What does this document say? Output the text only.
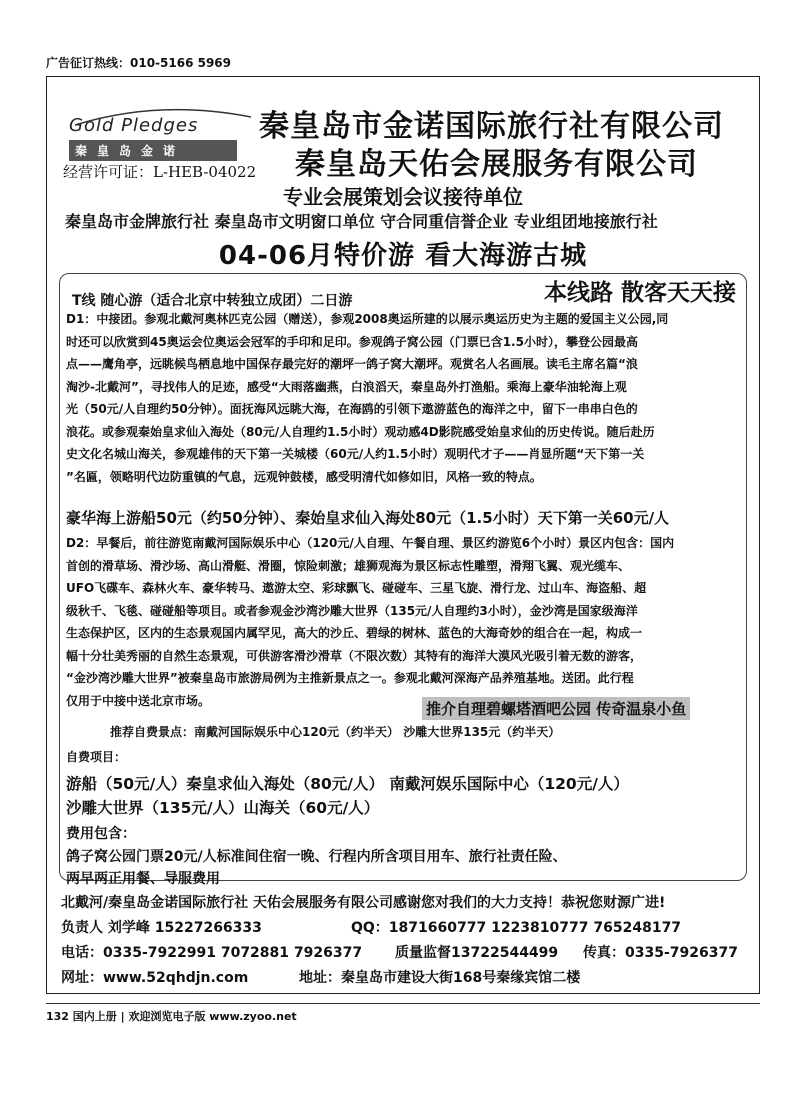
广告征订热线：010-5166 5969
Gold Pledges
秦皇岛金诺
经营许可证：L-HEB-04022
秦皇岛市金诺国际旅行社有限公司
秦皇岛天佑会展服务有限公司
专业会展策划会议接待单位
秦皇岛市金牌旅行社 秦皇岛市文明窗口单位 守合同重信誉企业 专业组团地接旅行社
04-06月特价游 看大海游古城
T线 随心游（适合北京中转独立成团）二日游	本线路 散客天天接
D1：中接团。参观北戴河奥林匹克公园（赠送），参观2008奥运所建的以展示奥运历史为主题的爱国主义公园,同
时还可以欣赏到45奥运会位奥运会冠军的手印和足印。参观鸽子窝公园（门票已含1.5小时），攀登公园最高
点——鹰角亭，远眺候鸟栖息地中国保存最完好的潮坪一鸽子窝大潮坪。观赏名人名画展。读毛主席名篇“浪
淘沙-北戴河”，寻找伟人的足迹，感受“大雨落幽燕，白浪滔天，秦皇岛外打渔船。乘海上豪华油轮海上观
光（50元/人自理约50分钟）。面抚海风远眺大海，在海鸥的引领下遨游蓝色的海洋之中，留下一串串白色的
浪花。或参观秦始皇求仙入海处（80元/人自理约1.5小时）观动感4D影院感受始皇求仙的历史传说。随后赴历
史文化名城山海关，参观雄伟的天下第一关城楼（60元/人约1.5小时）观明代才子——肖显所题“天下第一关
”名匾，领略明代边防重镇的气息，远观钟鼓楼，感受明清代如修如旧，风格一致的特点。
豪华海上游船50元（约50分钟）、秦始皇求仙入海处80元（1.5小时）天下第一关60元/人
D2：早餐后，前往游览南戴河国际娱乐中心（120元/人自理、午餐自理、景区约游览6个小时）景区内包含：国内
首创的滑草场、滑沙场、高山滑艇、滑圈，惊险刺激；雄狮观海为景区标志性雕塑，滑翔飞翼、观光缆车、
UFO飞碟车、森林火车、豪华转马、遨游太空、彩球飘飞、碰碰车、三星飞旋、滑行龙、过山车、海盗船、超
级秋千、飞毯、碰碰船等项目。或者参观金沙湾沙雕大世界（135元/人自理约3小时），金沙湾是国家级海洋
生态保护区，区内的生态景观国内属罕见，高大的沙丘、碧绿的树林、蓝色的大海奇妙的组合在一起，构成一
幅十分壮美秀丽的自然生态景观，可供游客滑沙滑草（不限次数）其特有的海洋大漠风光吸引着无数的游客，
“金沙湾沙雕大世界”被秦皇岛市旅游局例为主推新景点之一。参观北戴河深海产品养殖基地。送团。此行程
仅用于中接中送北京市场。	推介自理碧螺塔酒吧公园 传奇温泉小鱼
推荐自费景点：南戴河国际娱乐中心120元（约半天） 沙雕大世界135元（约半天）
自费项目：
游船（50元/人）秦皇求仙入海处（80元/人） 南戴河娱乐国际中心（120元/人）
沙雕大世界（135元/人）山海关（60元/人）
费用包含：
鸽子窝公园门票20元/人标准间住宿一晚、行程内所含项目用车、旅行社责任险、
两早两正用餐、导服费用
北戴河/秦皇岛金诺国际旅行社 天佑会展服务有限公司感谢您对我们的大力支持！恭祝您财源广进!
负责人 刘学峰 15227266333	QQ：1871660777 1223810777 765248177
电话：0335-7922991 7072881 7926377 质量监督13722544499 传真：0335-7926377
网址：www.52qhdjn.com	地址：秦皇岛市建设大街168号秦缘宾馆二楼
132 国内上册 | 欢迎浏览电子版 www.zyoo.net
